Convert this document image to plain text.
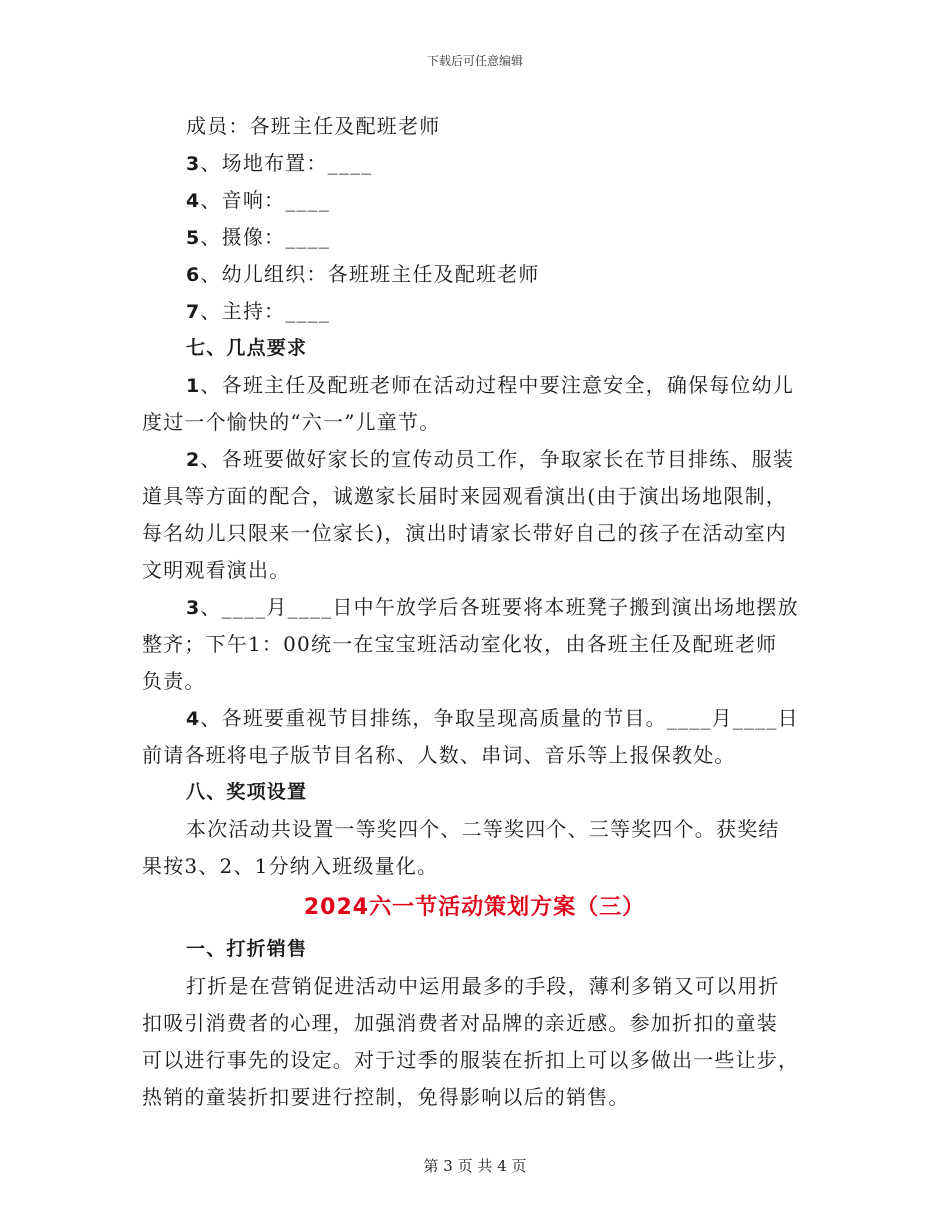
下载后可任意编辑
成员：各班主任及配班老师
3、场地布置：____
4、音响：____
5、摄像：____
6、幼儿组织：各班班主任及配班老师
7、主持：____
七、几点要求
1、各班主任及配班老师在活动过程中要注意安全，确保每位幼儿
度过一个愉快的“六一”儿童节。
2、各班要做好家长的宣传动员工作，争取家长在节目排练、服装
道具等方面的配合，诚邀家长届时来园观看演出(由于演出场地限制，
每名幼儿只限来一位家长)，演出时请家长带好自己的孩子在活动室内
文明观看演出。
3、____月____日中午放学后各班要将本班凳子搬到演出场地摆放
整齐；下午1：00统一在宝宝班活动室化妆，由各班主任及配班老师
负责。
4、各班要重视节目排练，争取呈现高质量的节目。____月____日
前请各班将电子版节目名称、人数、串词、音乐等上报保教处。
八、奖项设置
本次活动共设置一等奖四个、二等奖四个、三等奖四个。获奖结
果按3、2、1分纳入班级量化。
2024六一节活动策划方案（三）
一、打折销售
打折是在营销促进活动中运用最多的手段，薄利多销又可以用折
扣吸引消费者的心理，加强消费者对品牌的亲近感。参加折扣的童装
可以进行事先的设定。对于过季的服装在折扣上可以多做出一些让步，
热销的童装折扣要进行控制，免得影响以后的销售。
第 3 页 共 4 页
